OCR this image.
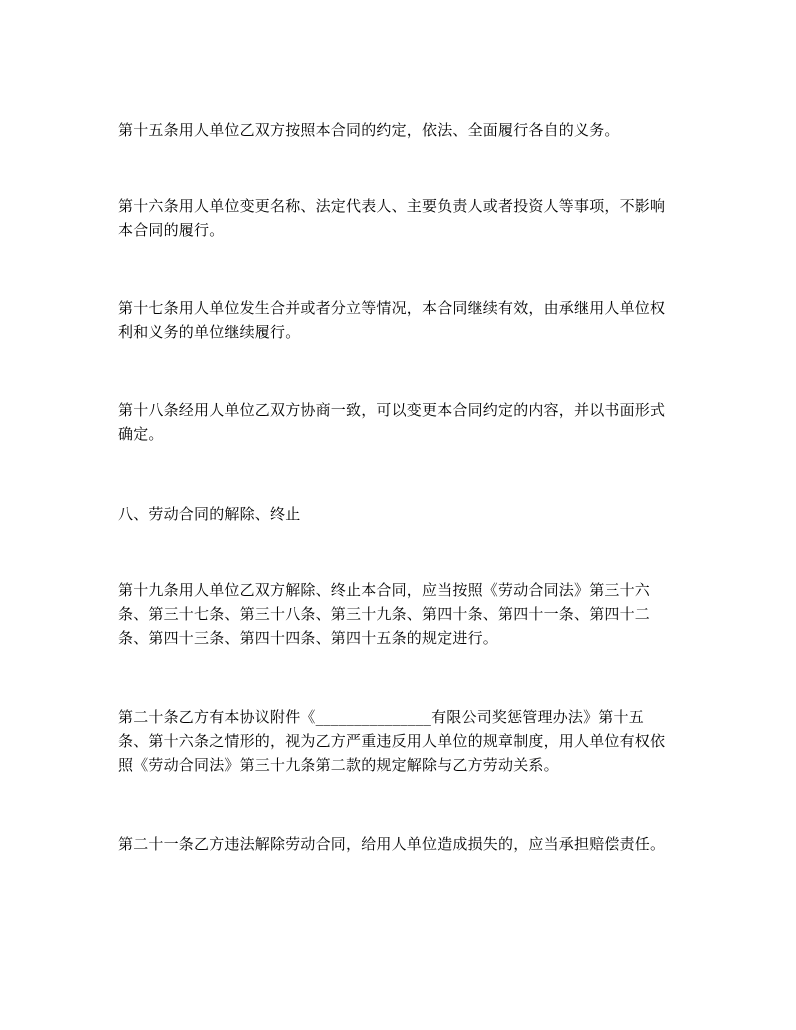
第十五条用人单位乙双方按照本合同的约定，依法、全面履行各自的义务。

第十六条用人单位变更名称、法定代表人、主要负责人或者投资人等事项，不影响
本合同的履行。

第十七条用人单位发生合并或者分立等情况，本合同继续有效，由承继用人单位权
利和义务的单位继续履行。

第十八条经用人单位乙双方协商一致，可以变更本合同约定的内容，并以书面形式
确定。

八、劳动合同的解除、终止

第十九条用人单位乙双方解除、终止本合同，应当按照《劳动合同法》第三十六
条、第三十七条、第三十八条、第三十九条、第四十条、第四十一条、第四十二
条、第四十三条、第四十四条、第四十五条的规定进行。

第二十条乙方有本协议附件《_______________有限公司奖惩管理办法》第十五
条、第十六条之情形的，视为乙方严重违反用人单位的规章制度，用人单位有权依
照《劳动合同法》第三十九条第二款的规定解除与乙方劳动关系。

第二十一条乙方违法解除劳动合同，给用人单位造成损失的，应当承担赔偿责任。
